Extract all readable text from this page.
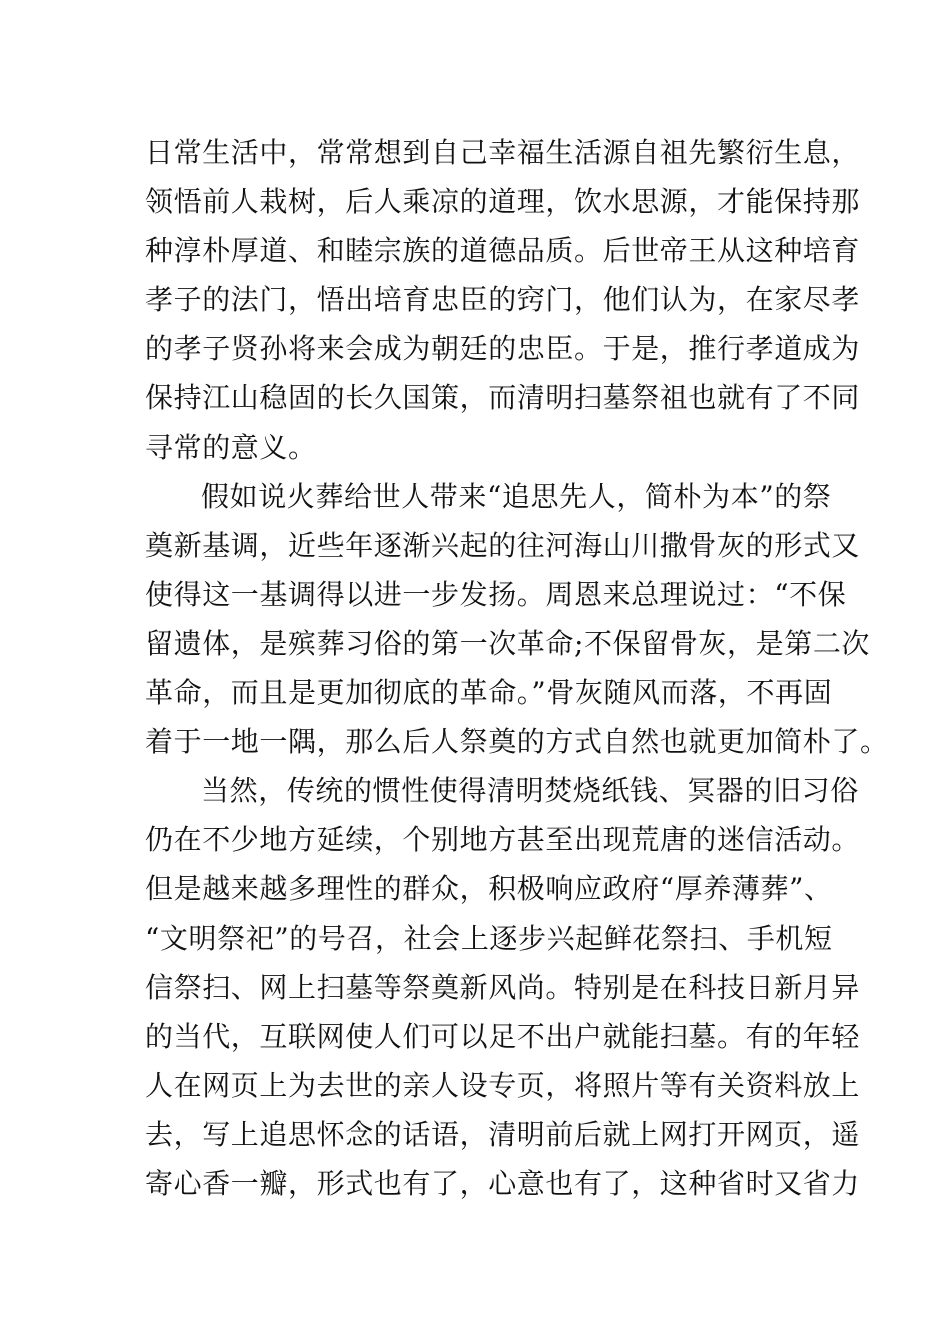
日常生活中，常常想到自己幸福生活源自祖先繁衍生息，
领悟前人栽树，后人乘凉的道理，饮水思源，才能保持那
种淳朴厚道、和睦宗族的道德品质。后世帝王从这种培育
孝子的法门，悟出培育忠臣的窍门，他们认为，在家尽孝
的孝子贤孙将来会成为朝廷的忠臣。于是，推行孝道成为
保持江山稳固的长久国策，而清明扫墓祭祖也就有了不同
寻常的意义。
假如说火葬给世人带来“追思先人，简朴为本”的祭
奠新基调，近些年逐渐兴起的往河海山川撒骨灰的形式又
使得这一基调得以进一步发扬。周恩来总理说过：“不保
留遗体，是殡葬习俗的第一次革命;不保留骨灰，是第二次
革命，而且是更加彻底的革命。”骨灰随风而落，不再固
着于一地一隅，那么后人祭奠的方式自然也就更加简朴了。
当然，传统的惯性使得清明焚烧纸钱、冥器的旧习俗
仍在不少地方延续，个别地方甚至出现荒唐的迷信活动。
但是越来越多理性的群众，积极响应政府“厚养薄葬”、
“文明祭祀”的号召，社会上逐步兴起鲜花祭扫、手机短
信祭扫、网上扫墓等祭奠新风尚。特别是在科技日新月异
的当代，互联网使人们可以足不出户就能扫墓。有的年轻
人在网页上为去世的亲人设专页，将照片等有关资料放上
去，写上追思怀念的话语，清明前后就上网打开网页，遥
寄心香一瓣，形式也有了，心意也有了，这种省时又省力
